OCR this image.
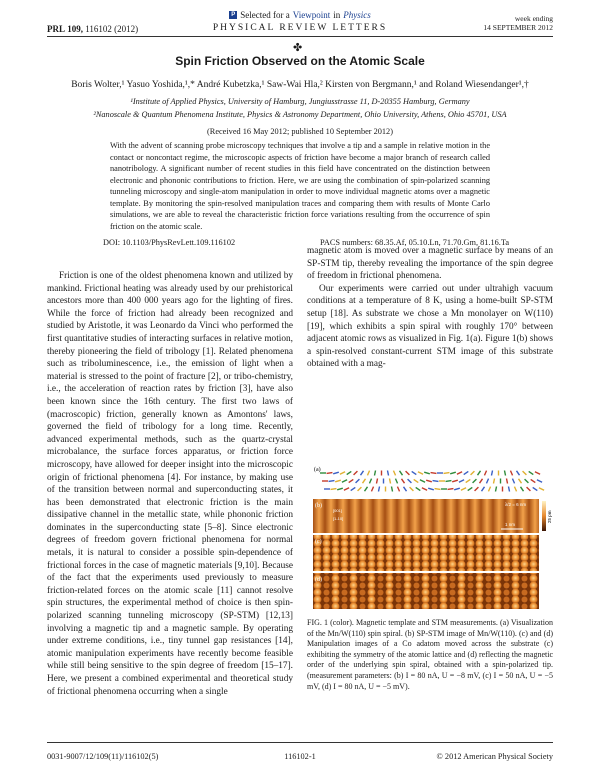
P Selected for a Viewpoint in Physics
PHYSICAL REVIEW LETTERS
PRL 109, 116102 (2012)
week ending
14 SEPTEMBER 2012
✤
Spin Friction Observed on the Atomic Scale
Boris Wolter,¹ Yasuo Yoshida,¹,* André Kubetzka,¹ Saw-Wai Hla,² Kirsten von Bergmann,¹ and Roland Wiesendanger¹,†
¹Institute of Applied Physics, University of Hamburg, Jungiusstrasse 11, D-20355 Hamburg, Germany
²Nanoscale & Quantum Phenomena Institute, Physics & Astronomy Department, Ohio University, Athens, Ohio 45701, USA
(Received 16 May 2012; published 10 September 2012)
With the advent of scanning probe microscopy techniques that involve a tip and a sample in relative motion in the contact or noncontact regime, the microscopic aspects of friction have become a major branch of research called nanotribology. A significant number of recent studies in this field have concentrated on the distinction between electronic and phononic contributions to friction. Here, we are using the combination of spin-polarized scanning tunneling microscopy and single-atom manipulation in order to move individual magnetic atoms over a magnetic template. By monitoring the spin-resolved manipulation traces and comparing them with results of Monte Carlo simulations, we are able to reveal the characteristic friction force variations resulting from the occurrence of spin friction on the atomic scale.
DOI: 10.1103/PhysRevLett.109.116102	PACS numbers: 68.35.Af, 05.10.Ln, 71.70.Gm, 81.16.Ta

Friction is one of the oldest phenomena known and utilized by mankind. Frictional heating was already used by our prehistorical ancestors more than 400 000 years ago for the lighting of fires. While the force of friction had already been recognized and studied by Aristotle, it was Leonardo da Vinci who performed the first quantitative studies of interacting surfaces in relative motion, thereby pioneering the field of tribology [1]. Related phenomena such as triboluminescence, i.e., the emission of light when a material is stressed to the point of fracture [2], or tribo-chemistry, i.e., the acceleration of reaction rates by friction [3], have also been known since the 16th century. The first two laws of (macroscopic) friction, generally known as Amontons' laws, governed the field of tribology for a long time. Recently, advanced experimental methods, such as the quartz-crystal microbalance, the surface forces apparatus, or friction force microscopy, have allowed for deeper insight into the microscopic origin of frictional phenomena [4]. For instance, by making use of the transition between normal and superconducting states, it has been demonstrated that electronic friction is the main dissipative channel in the metallic state, while phononic friction dominates in the superconducting state [5–8]. Since electronic degrees of freedom govern frictional phenomena for normal metals, it is natural to consider a possible spin-dependence of frictional forces in the case of magnetic materials [9,10]. Because of the fact that the experiments used previously to measure friction-related forces on the atomic scale [11] cannot resolve spin structures, the experimental method of choice is then spin-polarized scanning tunneling microscopy (SP-STM) [12,13] involving a magnetic tip and a magnetic sample. By operating under extreme conditions, i.e., tiny tunnel gap resistances [14], atomic manipulation experiments have recently become feasible while still being sensitive to the spin degree of freedom [15–17]. Here, we present a combined experimental and theoretical study of frictional phenomena occurring when a single

magnetic atom is moved over a magnetic surface by means of an SP-STM tip, thereby revealing the importance of the spin degree of freedom in frictional phenomena.

Our experiments were carried out under ultrahigh vacuum conditions at a temperature of 8 K, using a home-built SP-STM setup [18]. As substrate we chose a Mn monolayer on W(110) [19], which exhibits a spin spiral with roughly 170° between adjacent atomic rows as visualized in Fig. 1(a). Figure 1(b) shows a spin-resolved constant-current STM image of this substrate obtained with a mag-

(a)
(b)	λ/2 = 6 nm
[001]
[1-10]
1 nm
25 pm
(c)
(d)
FIG. 1 (color). Magnetic template and STM measurements. (a) Visualization of the Mn/W(110) spin spiral. (b) SP-STM image of Mn/W(110). (c) and (d) Manipulation images of a Co adatom moved across the substrate (c) exhibiting the symmetry of the atomic lattice and (d) reflecting the magnetic order of the underlying spin spiral, obtained with a spin-polarized tip. (measurement parameters: (b) I = 80 nA, U = −8 mV, (c) I = 50 nA, U = −5 mV, (d) I = 80 nA, U = −5 mV).
0031-9007/12/109(11)/116102(5)	116102-1	© 2012 American Physical Society
